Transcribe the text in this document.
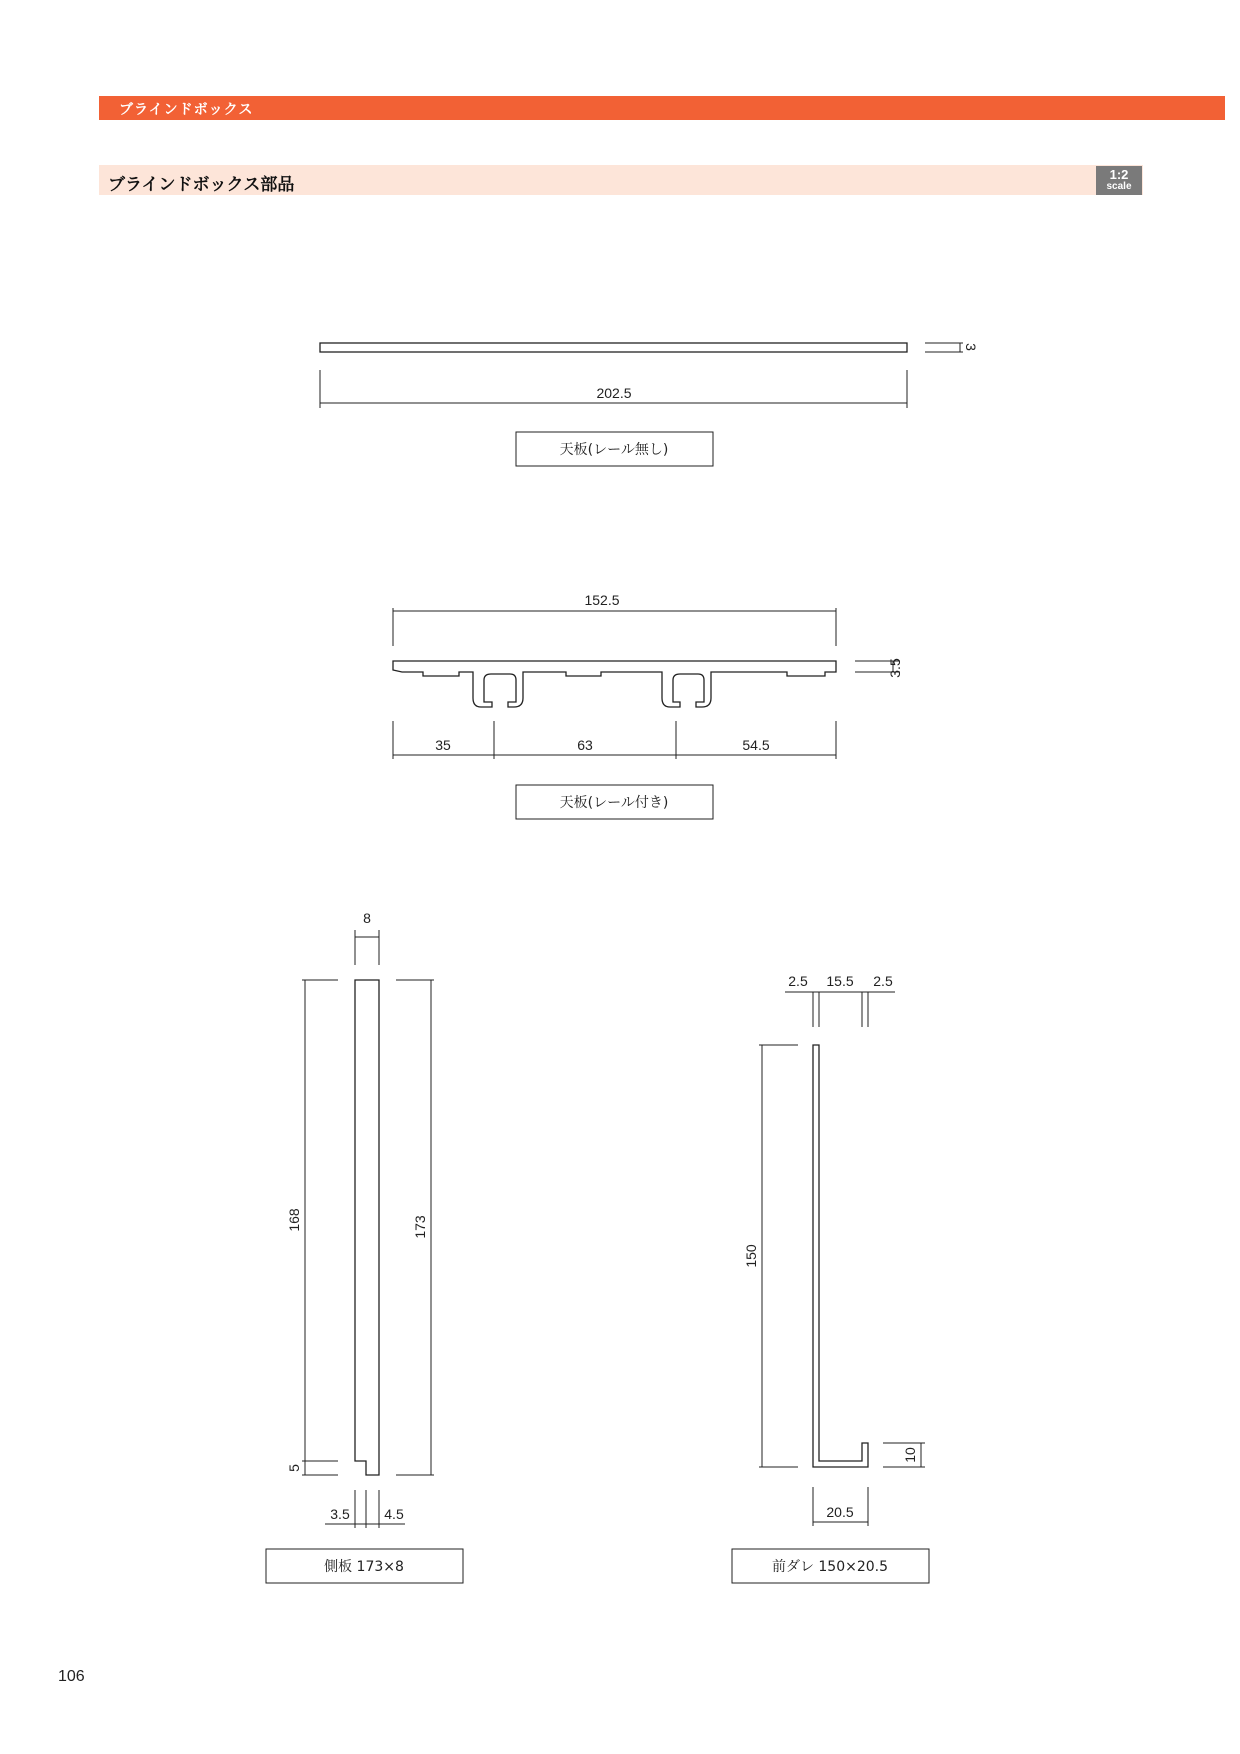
ブラインドボックス
ブラインドボックス部品
1:2
scale
3
202.5
天板(レール無し)
152.5
3.5
35	63	54.5
天板(レール付き)
8
168
5
173
3.5 4.5
側板 173×8
2.5 15.5 2.5
150
10
20.5
前ダレ 150×20.5
106
